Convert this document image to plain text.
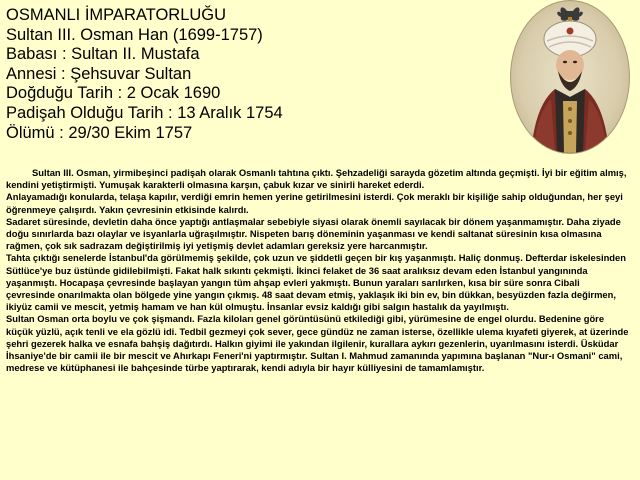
OSMANLI İMPARATORLUĞU
Sultan III. Osman Han (1699-1757)
Babası : Sultan II. Mustafa
Annesi : Şehsuvar Sultan
Doğduğu Tarih : 2 Ocak 1690
Padişah Olduğu Tarih : 13 Aralık 1754
Ölümü : 29/30 Ekim 1757

Sultan III. Osman, yirmibeşinci padişah olarak Osmanlı tahtına çıktı. Şehzadeliği sarayda gözetim altında geçmişti. İyi bir eğitim almış, kendini yetiştirmişti. Yumuşak karakterli olmasına karşın, çabuk kızar ve sinirli hareket ederdi.

Anlayamadığı konularda, telaşa kapılır, verdiği emrin hemen yerine getirilmesini isterdi. Çok meraklı bir kişiliğe sahip olduğundan, her şeyi öğrenmeye çalışırdı. Yakın çevresinin etkisinde kalırdı.

Sadaret süresinde, devletin daha önce yaptığı antlaşmalar sebebiyle siyasi olarak önemli sayılacak bir dönem yaşanmamıştır. Daha ziyade doğu sınırlarda bazı olaylar ve isyanlarla uğraşılmıştır. Nispeten barış döneminin yaşanması ve kendi saltanat süresinin kısa olmasına rağmen, çok sık sadrazam değiştirilmiş iyi yetişmiş devlet adamları gereksiz yere harcanmıştır.

Tahta çıktığı senelerde İstanbul'da görülmemiş şekilde, çok uzun ve şiddetli geçen bir kış yaşanmıştı. Haliç donmuş. Defterdar iskelesinden Sütlüce'ye buz üstünde gidilebilmişti. Fakat halk sıkıntı çekmişti. İkinci felaket de 36 saat aralıksız devam eden İstanbul yangınında yaşanmıştı. Hocapaşa çevresinde başlayan yangın tüm ahşap evleri yakmıştı. Bunun yaraları sarılırken, kısa bir süre sonra Cibali çevresinde onarılmakta olan bölgede yine yangın çıkmış. 48 saat devam etmiş, yaklaşık iki bin ev, bin dükkan, besyüzden fazla değirmen, ikiyüz camii ve mescit, yetmiş hamam ve han kül olmuştu. İnsanlar evsiz kaldığı gibi salgın hastalık da yayılmıştı.

Sultan Osman orta boylu ve çok şişmandı. Fazla kiloları genel görüntüsünü etkilediği gibi, yürümesine de engel olurdu. Bedenine göre küçük yüzlü, açık tenli ve ela gözlü idi. Tedbil gezmeyi çok sever, gece gündüz ne zaman isterse, özellikle ulema kıyafeti giyerek, at üzerinde şehri gezerek halka ve esnafa bahşiş dağıtırdı. Halkın giyimi ile yakından ilgilenir, kurallara aykırı gezenlerin, uyarılmasını isterdi. Üsküdar İhsaniye'de bir camii ile bir mescit ve Ahırkapı Feneri'ni yaptırmıştır. Sultan I. Mahmud zamanında yapımına başlanan "Nur-ı Osmani" cami, medrese ve kütüphanesi ile bahçesinde türbe yaptırarak, kendi adıyla bir hayır külliyesini de tamamlamıştır.
